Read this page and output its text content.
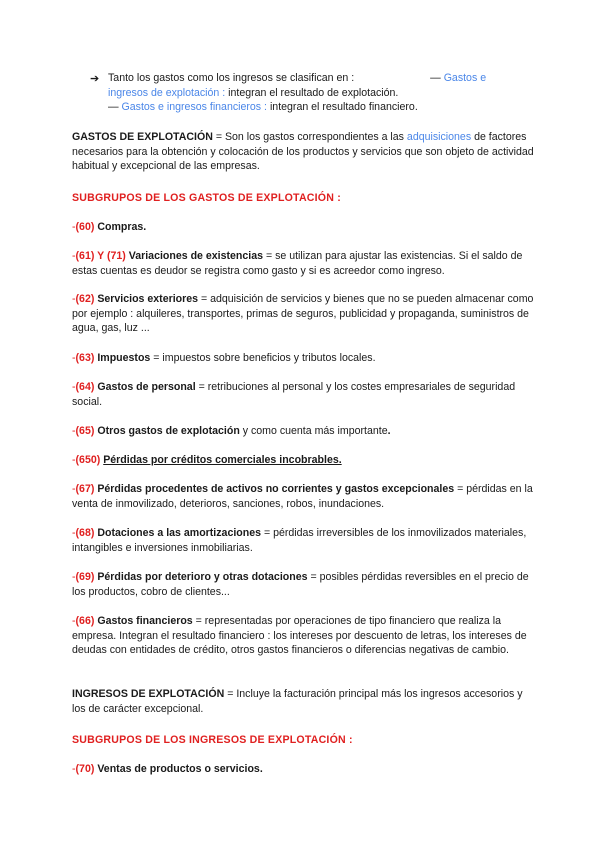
➔ Tanto los gastos como los ingresos se clasifican en :	— Gastos e ingresos de explotación : integran el resultado de explotación.
— Gastos e ingresos financieros : integran el resultado financiero.

GASTOS DE EXPLOTACIÓN = Son los gastos correspondientes a las adquisiciones de factores necesarios para la obtención y colocación de los productos y servicios que son objeto de actividad habitual y excepcional de las empresas.

SUBGRUPOS DE LOS GASTOS DE EXPLOTACIÓN :

-(60) Compras.

-(61) Y (71) Variaciones de existencias = se utilizan para ajustar las existencias. Si el saldo de estas cuentas es deudor se registra como gasto y si es acreedor como ingreso.

-(62) Servicios exteriores = adquisición de servicios y bienes que no se pueden almacenar como por ejemplo : alquileres, transportes, primas de seguros, publicidad y propaganda, suministros de agua, gas, luz ...

-(63) Impuestos = impuestos sobre beneficios y tributos locales.

-(64) Gastos de personal = retribuciones al personal y los costes empresariales de seguridad social.

-(65) Otros gastos de explotación y como cuenta más importante.

-(650) Pérdidas por créditos comerciales incobrables.

-(67) Pérdidas procedentes de activos no corrientes y gastos excepcionales = pérdidas en la venta de inmovilizado, deterioros, sanciones, robos, inundaciones.

-(68) Dotaciones a las amortizaciones = pérdidas irreversibles de los inmovilizados materiales, intangibles e inversiones inmobiliarias.

-(69) Pérdidas por deterioro y otras dotaciones = posibles pérdidas reversibles en el precio de los productos, cobro de clientes...

-(66) Gastos financieros = representadas por operaciones de tipo financiero que realiza la empresa. Integran el resultado financiero : los intereses por descuento de letras, los intereses de deudas con entidades de crédito, otros gastos financieros o diferencias negativas de cambio.

INGRESOS DE EXPLOTACIÓN = Incluye la facturación principal más los ingresos accesorios y los de carácter excepcional.

SUBGRUPOS DE LOS INGRESOS DE EXPLOTACIÓN :

-(70) Ventas de productos o servicios.
